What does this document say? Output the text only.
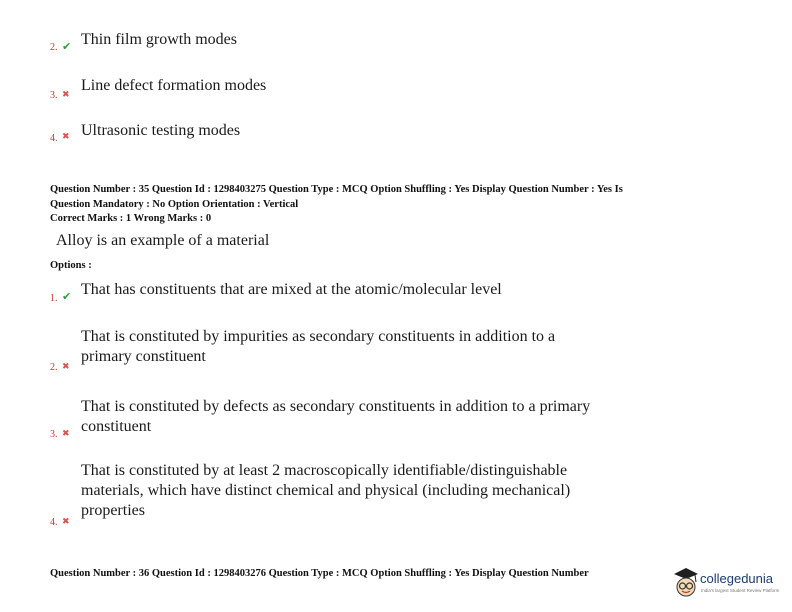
2. ✔ Thin film growth modes
3. ✖
Line defect formation modes
4. ✖ Ultrasonic testing modes
Question Number : 35 Question Id : 1298403275 Question Type : MCQ Option Shuffling : Yes Display Question Number : Yes Is
Question Mandatory : No Option Orientation : Vertical
Correct Marks : 1 Wrong Marks : 0
Alloy is an example of a material
Options :
1. ✔ That has constituents that are mixed at the atomic/molecular level
2. ✖
That is constituted by impurities as secondary constituents in addition to a primary constituent
3. ✖
That is constituted by defects as secondary constituents in addition to a primary constituent
4. ✖
That is constituted by at least 2 macroscopically identifiable/distinguishable materials, which have distinct chemical and physical (including mechanical) properties
Question Number : 36 Question Id : 1298403276 Question Type : MCQ Option Shuffling : Yes Display Question Number	collegedunia
India's largest Student Review Platform
